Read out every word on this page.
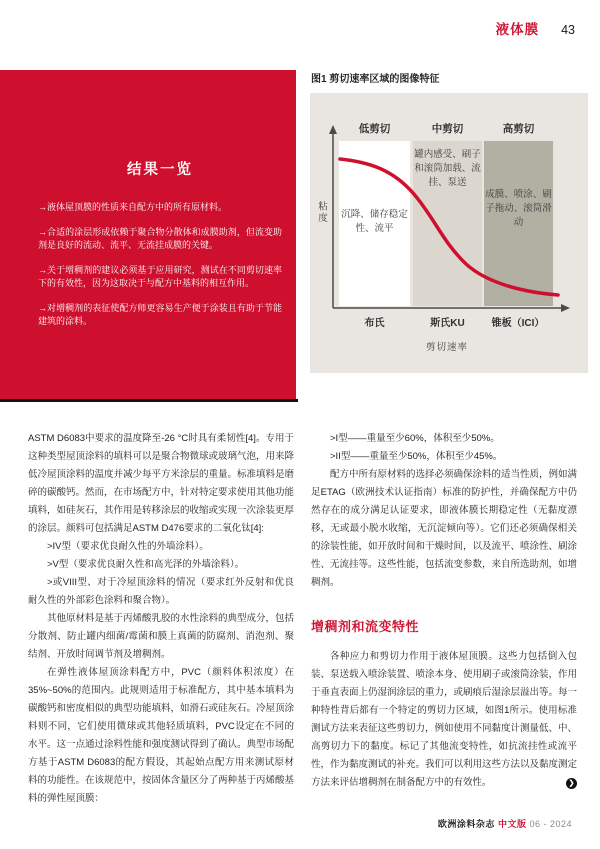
液体膜 43
结果一览

→液体屋顶膜的性质来自配方中的所有原材料。

→合适的涂层形成依赖于聚合物分散体和成膜助剂，但流变助剂是良好的流动、流平、无流挂成膜的关键。

→关于增稠剂的建议必须基于应用研究，测试在不同剪切速率下的有效性，因为这取决于与配方中基料的相互作用。

→对增稠剂的表征使配方师更容易生产便于涂装且有助于节能建筑的涂料。

图1 剪切速率区域的图像特征
低剪切	中剪切	高剪切
沉降、储存稳定性、流平
罐内感受、刷子和滚筒加载、流挂、泵送
成膜、喷涂、刷子拖动、滚筒滑动
粘度
布氏	斯氏KU	锥板（ICI）
剪切速率

ASTM D6083中要求的温度降至-26 °C时具有柔韧性[4]。专用于这种类型屋顶涂料的填料可以是聚合物微球或玻璃气泡，用来降低冷屋顶涂料的温度并减少每平方米涂层的重量。标准填料是磨碎的碳酸钙。然而，在市场配方中，针对特定要求使用其他功能填料，如硅灰石，其作用是转移涂层的收缩或实现一次涂装更厚的涂层。颜料可包括满足ASTM D476要求的二氧化钛[4]:

>IV型（要求优良耐久性的外墙涂料）。

>V型（要求优良耐久性和高光泽的外墙涂料）。

>或VIII型、对于冷屋顶涂料的情况（要求红外反射和优良耐久性的外部彩色涂料和聚合物）。

其他原材料是基于丙烯酸乳胶的水性涂料的典型成分，包括分散剂、防止罐内细菌/霉菌和膜上真菌的防腐剂、消泡剂、聚结剂、开放时间调节剂及增稠剂。

在弹性液体屋顶涂料配方中，PVC（颜料体积浓度）在35%~50%的范围内。此规则适用于标准配方，其中基本填料为碳酸钙和密度相似的典型功能填料，如滑石或硅灰石。冷屋顶涂料则不同，它们使用微球或其他轻质填料，PVC设定在不同的水平。这一点通过涂料性能和强度测试得到了确认。典型市场配方基于ASTM D6083的配方假设，其起始点配方用来测试原材料的功能性。在该规范中，按固体含量区分了两种基于丙烯酸基料的弹性屋顶膜：

>I型——重量至少60%，体积至少50%。

>II型——重量至少50%，体积至少45%。

配方中所有原材料的选择必须确保涂料的适当性质，例如满足ETAG（欧洲技术认证指南）标准的防护性，并确保配方中仍然存在的成分满足认证要求，即液体膜长期稳定性（无黏度漂移，无或最小脱水收缩，无沉淀倾向等）。它们还必须确保相关的涂装性能，如开放时间和干燥时间，以及流平、喷涂性、刷涂性、无流挂等。这些性能，包括流变参数，来自所选助剂，如增稠剂。

增稠剂和流变特性

各种应力和剪切力作用于液体屋顶膜。这些力包括倒入包装、泵送载入喷涂装置、喷涂本身、使用刷子或滚筒涂装，作用于垂直表面上仍湿润涂层的重力，或刷痕后湿涂层溢出等。每一种特性背后都有一个特定的剪切力区域，如图1所示。使用标准测试方法来表征这些剪切力，例如使用不同黏度计测量低、中、高剪切力下的黏度。标记了其他流变特性，如抗流挂性或流平性，作为黏度测试的补充。我们可以利用这些方法以及黏度测定方法来评估增稠剂在制备配方中的有效性。	❯
欧洲涂料杂志 中文版 06 - 2024
